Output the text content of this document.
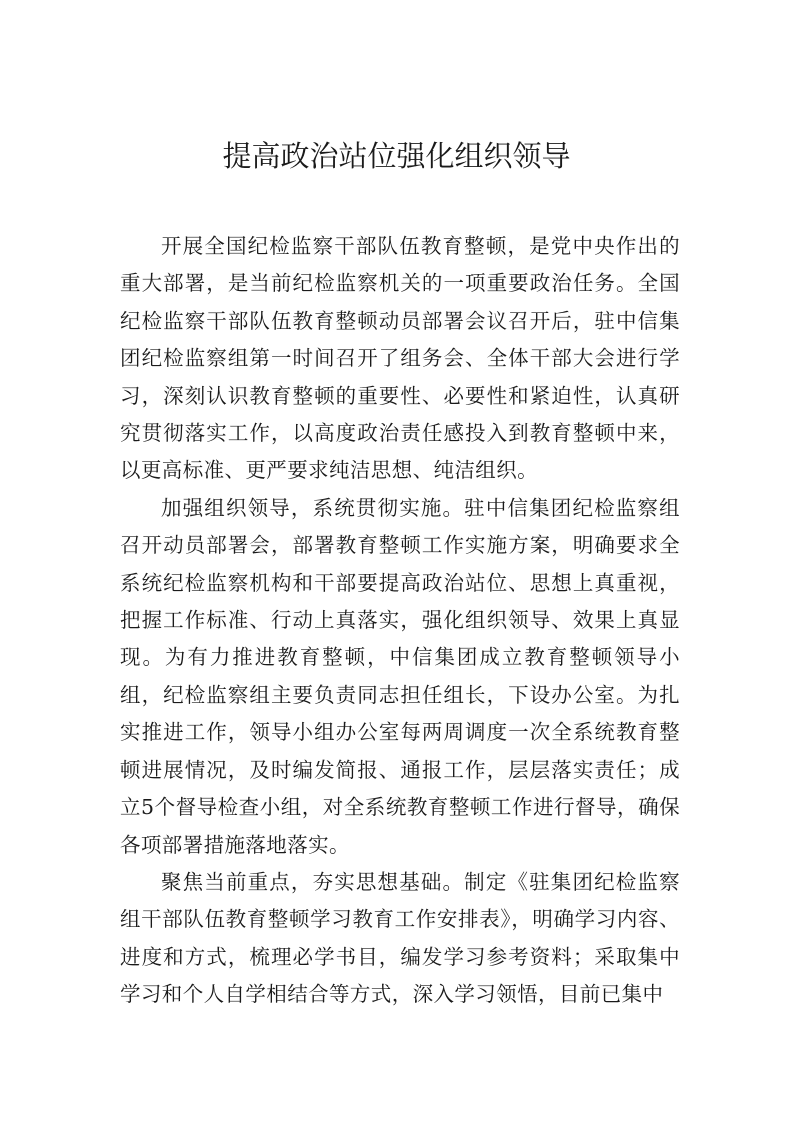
提高政治站位强化组织领导

开展全国纪检监察干部队伍教育整顿，是党中央作出的重大部署，是当前纪检监察机关的一项重要政治任务。全国纪检监察干部队伍教育整顿动员部署会议召开后，驻中信集团纪检监察组第一时间召开了组务会、全体干部大会进行学习，深刻认识教育整顿的重要性、必要性和紧迫性，认真研究贯彻落实工作，以高度政治责任感投入到教育整顿中来，以更高标准、更严要求纯洁思想、纯洁组织。

加强组织领导，系统贯彻实施。驻中信集团纪检监察组召开动员部署会，部署教育整顿工作实施方案，明确要求全系统纪检监察机构和干部要提高政治站位、思想上真重视，把握工作标准、行动上真落实，强化组织领导、效果上真显现。为有力推进教育整顿，中信集团成立教育整顿领导小组，纪检监察组主要负责同志担任组长，下设办公室。为扎实推进工作，领导小组办公室每两周调度一次全系统教育整顿进展情况，及时编发简报、通报工作，层层落实责任；成立5个督导检查小组，对全系统教育整顿工作进行督导，确保各项部署措施落地落实。

聚焦当前重点，夯实思想基础。制定《驻集团纪检监察组干部队伍教育整顿学习教育工作安排表》，明确学习内容、进度和方式，梳理必学书目，编发学习参考资料；采取集中学习和个人自学相结合等方式，深入学习领悟，目前已集中
